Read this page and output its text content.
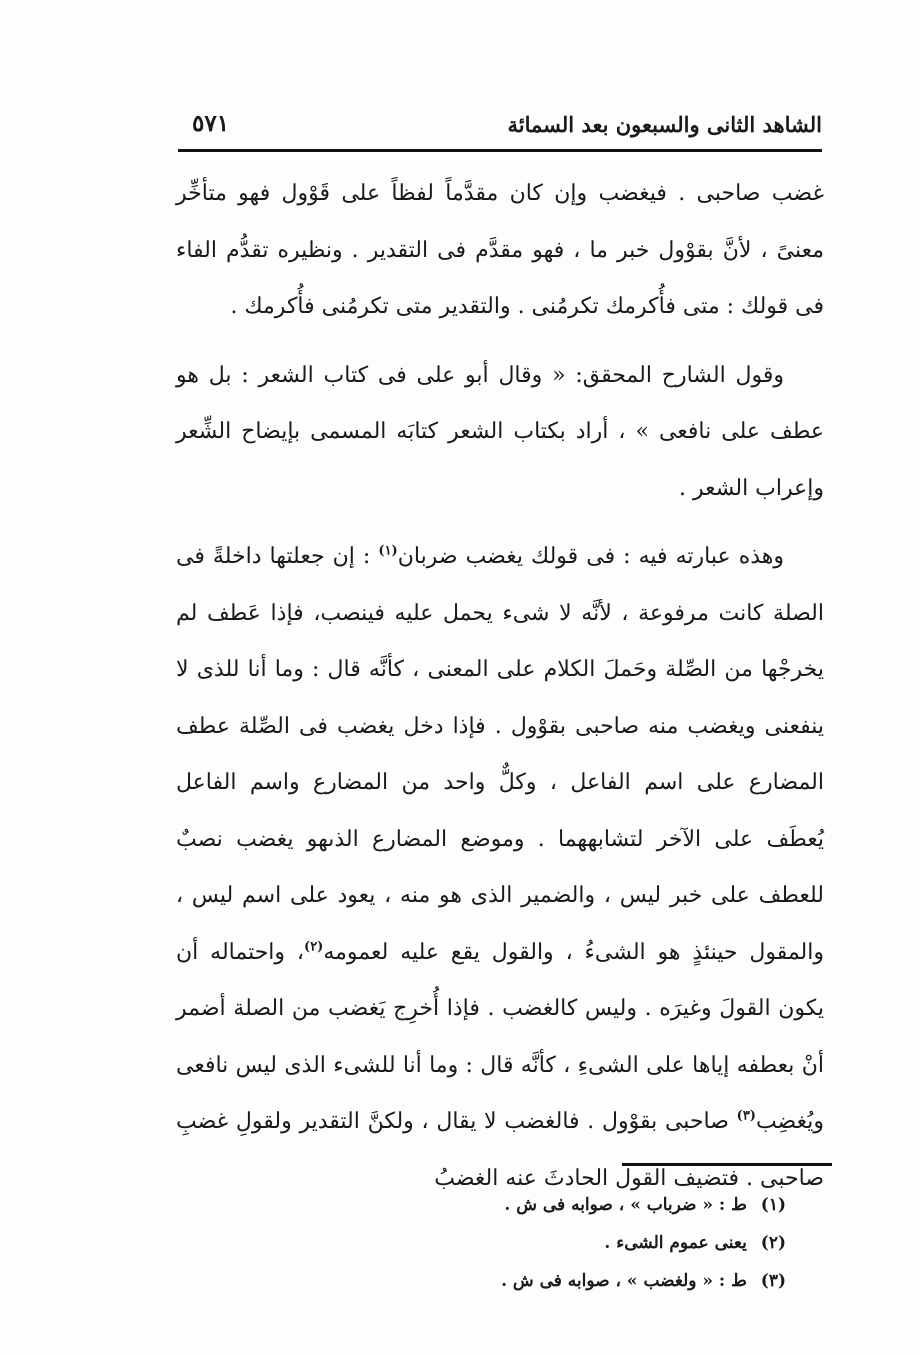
الشاهد الثانى والسبعون بعد السمائة
٥٧١

غضب صاحبى . فيغضب وإن كان مقدَّماً لفظاً على قَوْول فهو متأخِّر معنىً ، لأنَّ بقوْول خبر ما ، فهو مقدَّم فى التقدير . ونظيره تقدُّم الفاء فى قولك : متى فأُكرمك تكرمُنى . والتقدير متى تكرمُنى فأُكرمك .

وقول الشارح المحقق: « وقال أبو على فى كتاب الشعر : بل هو عطف على نافعى » ، أراد بكتاب الشعر كتابَه المسمى بإيضاح الشِّعر وإعراب الشعر .

وهذه عبارته فيه : فى قولك يغضب ضربان$^{(١)}$ : إن جعلتها داخلةً فى الصلة كانت مرفوعة ، لأنَّه لا شىء يحمل عليه فينصب، فإذا عَطف لم يخرجْها من الصِّلة وحَملَ الكلام على المعنى ، كأنَّه قال : وما أنا للذى لا ينفعنى ويغضب منه صاحبى بقوْول . فإذا دخل يغضب فى الصِّلة عطف المضارع على اسم الفاعل ، وكلٌّ واحد من المضارع واسم الفاعل يُعطَف على الآخر لتشابههما . وموضع المضارع الذىهو يغضب نصبٌ للعطف على خبر ليس ، والضمير الذى هو منه ، يعود على اسم ليس ، والمقول حينئذٍ هو الشىءُ ، والقول يقع عليه لعمومه$^{(٢)}$، واحتماله أن يكون القولَ وغيرَه . وليس كالغضب . فإذا أُخرِج يَغضب من الصلة أضمر أنْ بعطفه إياها على الشىءِ ، كأنَّه قال : وما أنا للشىء الذى ليس نافعى ويُغضِب$^{(٣)}$ صاحبى بقوْول . فالغضب لا يقال ، ولكنَّ التقدير ولقولِ غضبِ صاحبى . فتضيف القول الحادثَ عنه الغضبُ

(١) ط : « ضرباب » ، صوابه فى ش .
(٢) يعنى عموم الشىء .
(٣) ط : « ولغضب » ، صوابه فى ش .
